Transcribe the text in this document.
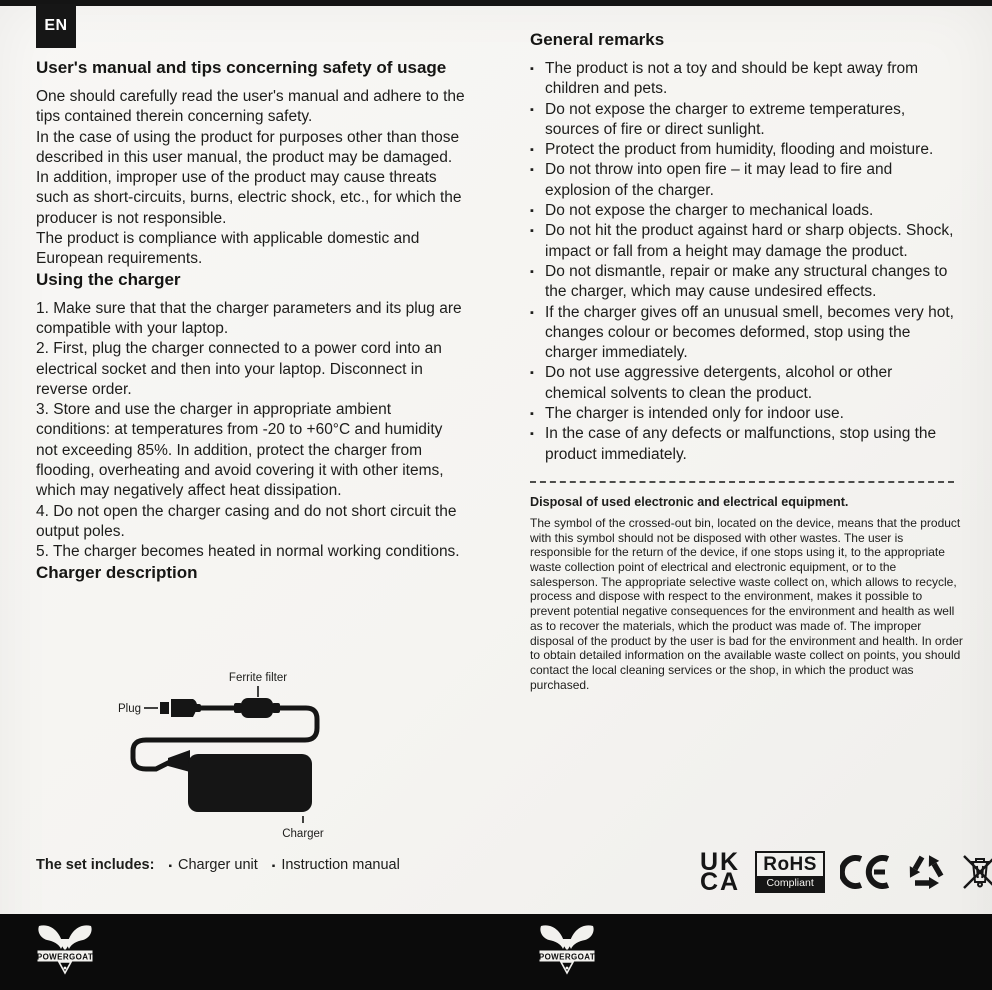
EN
User's manual and tips concerning safety of usage

One should carefully read the user's manual and adhere to the tips contained therein concerning safety.

In the case of using the product for purposes other than those described in this user manual, the product may be damaged. In addition, improper use of the product may cause threats such as short-circuits, burns, electric shock, etc., for which the producer is not responsible.

The product is compliance with applicable domestic and European requirements.

Using the charger

1. Make sure that that the charger parameters and its plug are compatible with your laptop.

2. First, plug the charger connected to a power cord into an electrical socket and then into your laptop. Disconnect in reverse order.

3. Store and use the charger in appropriate ambient conditions: at temperatures from -20 to +60°C and humidity not exceeding 85%. In addition, protect the charger from flooding, overheating and avoid covering it with other items, which may negatively affect heat dissipation.

4. Do not open the charger casing and do not short circuit the output poles.

5. The charger becomes heated in normal working conditions.

Charger description
Ferrite filter
Plug
Charger
The set includes: ▪ Charger unit ▪ Instruction manual
General remarks
▪ The product is not a toy and should be kept away from children and pets.
▪ Do not expose the charger to extreme temperatures, sources of fire or direct sunlight.
▪ Protect the product from humidity, flooding and moisture.
▪ Do not throw into open fire – it may lead to fire and explosion of the charger.
▪ Do not expose the charger to mechanical loads.
▪ Do not hit the product against hard or sharp objects. Shock, impact or fall from a height may damage the product.
▪ Do not dismantle, repair or make any structural changes to the charger, which may cause undesired effects.
▪ If the charger gives off an unusual smell, becomes very hot, changes colour or becomes deformed, stop using the charger immediately.
▪ Do not use aggressive detergents, alcohol or other chemical solvents to clean the product.
▪ The charger is intended only for indoor use.
▪ In the case of any defects or malfunctions, stop using the product immediately.
Disposal of used electronic and electrical equipment.

The symbol of the crossed-out bin, located on the device, means that the product with this symbol should not be disposed with other wastes. The user is responsible for the return of the device, if one stops using it, to the appropriate waste collection point of electrical and electronic equipment, or to the salesperson. The appropriate selective waste collect on, which allows to recycle, process and dispose with respect to the environment, makes it possible to prevent potential negative consequences for the environment and health as well as to recover the materials, which the product was made of. The improper disposal of the product by the user is bad for the environment and health. In order to obtain detailed information on the available waste collect on points, you should contact the local cleaning services or the shop, in which the product was purchased.

UK
CA
RoHS
Compliant
POWERGOAT	POWERGOAT
